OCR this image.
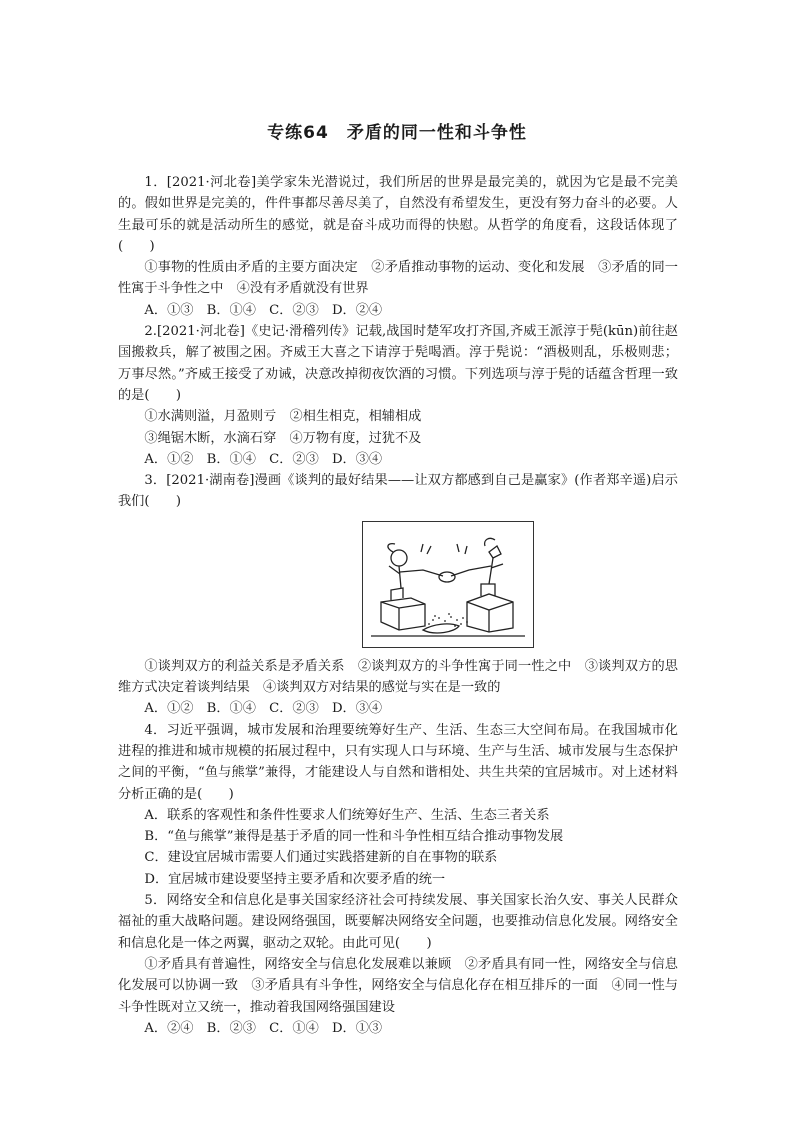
专练64　矛盾的同一性和斗争性

1．[2021·河北卷]美学家朱光潜说过，我们所居的世界是最完美的，就因为它是最不完美的。假如世界是完美的，件件事都尽善尽美了，自然没有希望发生，更没有努力奋斗的必要。人生最可乐的就是活动所生的感觉，就是奋斗成功而得的快慰。从哲学的角度看，这段话体现了(　　)

①事物的性质由矛盾的主要方面决定　②矛盾推动事物的运动、变化和发展　③矛盾的同一性寓于斗争性之中　④没有矛盾就没有世界

A．①③　B．①④　C．②③　D．②④

2.[2021·河北卷]《史记·滑稽列传》记载,战国时楚军攻打齐国,齐威王派淳于髡(kūn)前往赵国搬救兵，解了被围之困。齐威王大喜之下请淳于髡喝酒。淳于髡说：“酒极则乱，乐极则悲；万事尽然。”齐威王接受了劝诫，决意改掉彻夜饮酒的习惯。下列选项与淳于髡的话蕴含哲理一致的是(　　)

①水满则溢，月盈则亏　②相生相克，相辅相成

③绳锯木断，水滴石穿　④万物有度，过犹不及

A．①②　B．①④　C．②③　D．③④

3．[2021·湖南卷]漫画《谈判的最好结果——让双方都感到自己是赢家》(作者郑辛遥)启示我们(　　)

①谈判双方的利益关系是矛盾关系　②谈判双方的斗争性寓于同一性之中　③谈判双方的思维方式决定着谈判结果　④谈判双方对结果的感觉与实在是一致的

A．①②　B．①④　C．②③　D．③④

4．习近平强调，城市发展和治理要统筹好生产、生活、生态三大空间布局。在我国城市化进程的推进和城市规模的拓展过程中，只有实现人口与环境、生产与生活、城市发展与生态保护之间的平衡，“鱼与熊掌”兼得，才能建设人与自然和谐相处、共生共荣的宜居城市。对上述材料分析正确的是(　　)

A．联系的客观性和条件性要求人们统筹好生产、生活、生态三者关系

B．“鱼与熊掌”兼得是基于矛盾的同一性和斗争性相互结合推动事物发展

C．建设宜居城市需要人们通过实践搭建新的自在事物的联系

D．宜居城市建设要坚持主要矛盾和次要矛盾的统一

5．网络安全和信息化是事关国家经济社会可持续发展、事关国家长治久安、事关人民群众福祉的重大战略问题。建设网络强国，既要解决网络安全问题，也要推动信息化发展。网络安全和信息化是一体之两翼，驱动之双轮。由此可见(　　)

①矛盾具有普遍性，网络安全与信息化发展难以兼顾　②矛盾具有同一性，网络安全与信息化发展可以协调一致　③矛盾具有斗争性，网络安全与信息化存在相互排斥的一面　④同一性与斗争性既对立又统一，推动着我国网络强国建设

A．②④　B．②③　C．①④　D．①③
